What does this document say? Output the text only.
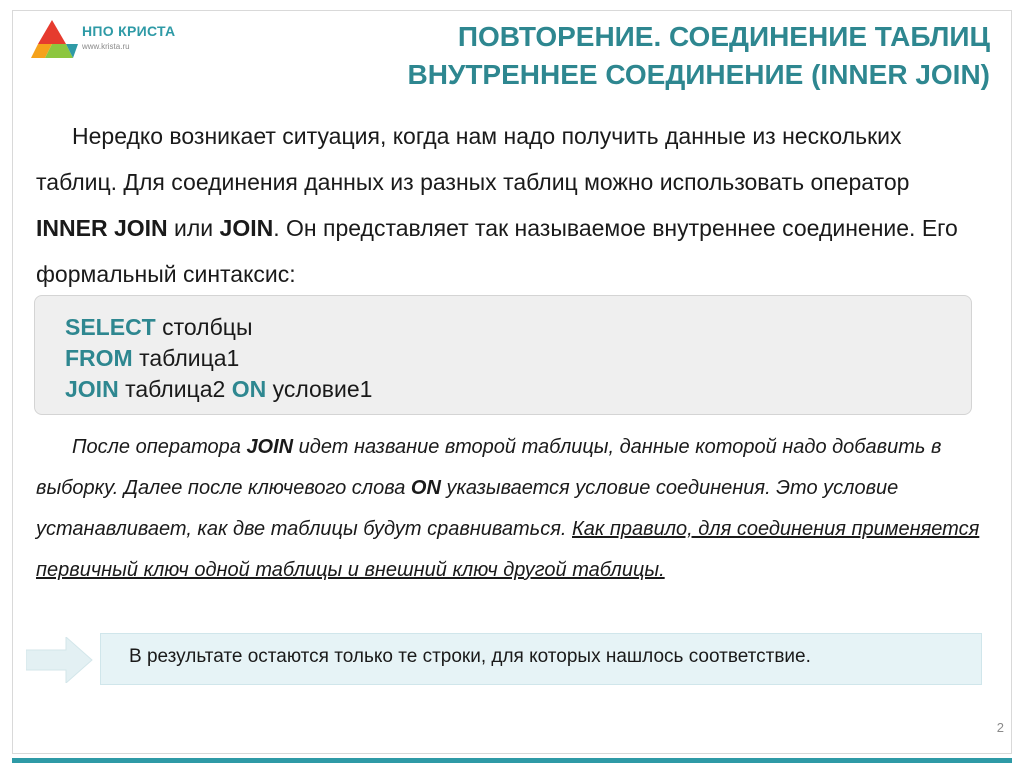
НПО КРИСТА
www.krista.ru	ПОВТОРЕНИЕ. СОЕДИНЕНИЕ ТАБЛИЦ
ВНУТРЕННЕЕ СОЕДИНЕНИЕ (INNER JOIN)
Нередко возникает ситуация, когда нам надо получить данные из нескольких таблиц. Для соединения данных из разных таблиц можно использовать оператор INNER JOIN или JOIN. Он представляет так называемое внутреннее соединение. Его формальный синтаксис:
SELECT столбцы
FROM таблица1
JOIN таблица2 ON условие1
После оператора JOIN идет название второй таблицы, данные которой надо добавить в выборку. Далее после ключевого слова ON указывается условие соединения. Это условие устанавливает, как две таблицы будут сравниваться. Как правило, для соединения применяется первичный ключ одной таблицы и внешний ключ другой таблицы.
В результате остаются только те строки, для которых нашлось соответствие.
2
